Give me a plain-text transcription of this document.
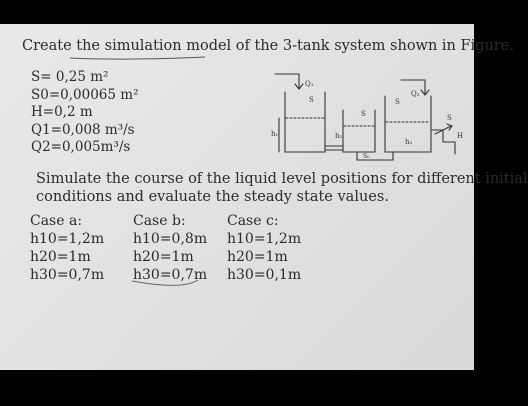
Create the simulation model of the 3-tank system shown in Figure.
S= 0,25 m²
S0=0,00065 m²
H=0,2 m
Q1=0,008 m³/s
Q2=0,005m³/s
Simulate the course of the liquid level positions for different initial
conditions and evaluate the steady state values.
Case a:
h10=1,2m
h20=1m
h30=0,7m
Case b:
h10=0,8m
h20=1m
h30=0,7m
Case c:
h10=1,2m
h20=1m
h30=0,1m
Q₁
S
h₁
S
h₂
S₀
Q₂
S
h₃
S
H
